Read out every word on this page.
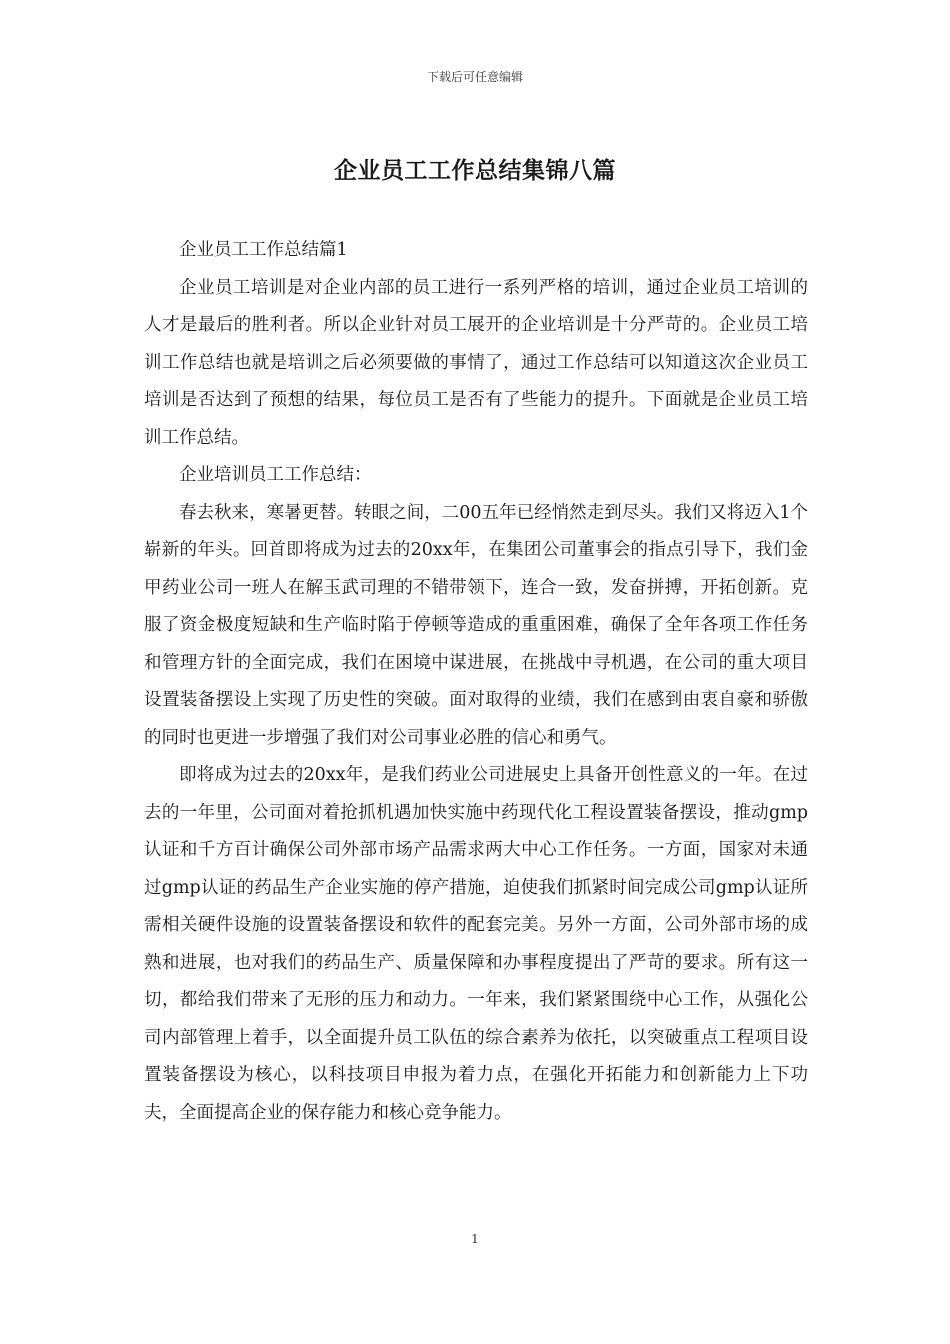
下载后可任意编辑
企业员工工作总结集锦八篇

企业员工工作总结篇1

企业员工培训是对企业内部的员工进行一系列严格的培训，通过企业员工培训的人才是最后的胜利者。所以企业针对员工展开的企业培训是十分严苛的。企业员工培训工作总结也就是培训之后必须要做的事情了，通过工作总结可以知道这次企业员工培训是否达到了预想的结果，每位员工是否有了些能力的提升。下面就是企业员工培训工作总结。

企业培训员工工作总结：

春去秋来，寒暑更替。转眼之间，二00五年已经悄然走到尽头。我们又将迈入1个崭新的年头。回首即将成为过去的20xx年，在集团公司董事会的指点引导下，我们金甲药业公司一班人在解玉武司理的不错带领下，连合一致，发奋拼搏，开拓创新。克服了资金极度短缺和生产临时陷于停顿等造成的重重困难，确保了全年各项工作任务和管理方针的全面完成，我们在困境中谋进展，在挑战中寻机遇，在公司的重大项目设置装备摆设上实现了历史性的突破。面对取得的业绩，我们在感到由衷自豪和骄傲的同时也更进一步增强了我们对公司事业必胜的信心和勇气。

即将成为过去的20xx年，是我们药业公司进展史上具备开创性意义的一年。在过去的一年里，公司面对着抢抓机遇加快实施中药现代化工程设置装备摆设，推动gmp认证和千方百计确保公司外部市场产品需求两大中心工作任务。一方面，国家对未通过gmp认证的药品生产企业实施的停产措施，迫使我们抓紧时间完成公司gmp认证所需相关硬件设施的设置装备摆设和软件的配套完美。另外一方面，公司外部市场的成熟和进展，也对我们的药品生产、质量保障和办事程度提出了严苛的要求。所有这一切，都给我们带来了无形的压力和动力。一年来，我们紧紧围绕中心工作，从强化公司内部管理上着手，以全面提升员工队伍的综合素养为依托，以突破重点工程项目设置装备摆设为核心，以科技项目申报为着力点，在强化开拓能力和创新能力上下功夫，全面提高企业的保存能力和核心竞争能力。

1
